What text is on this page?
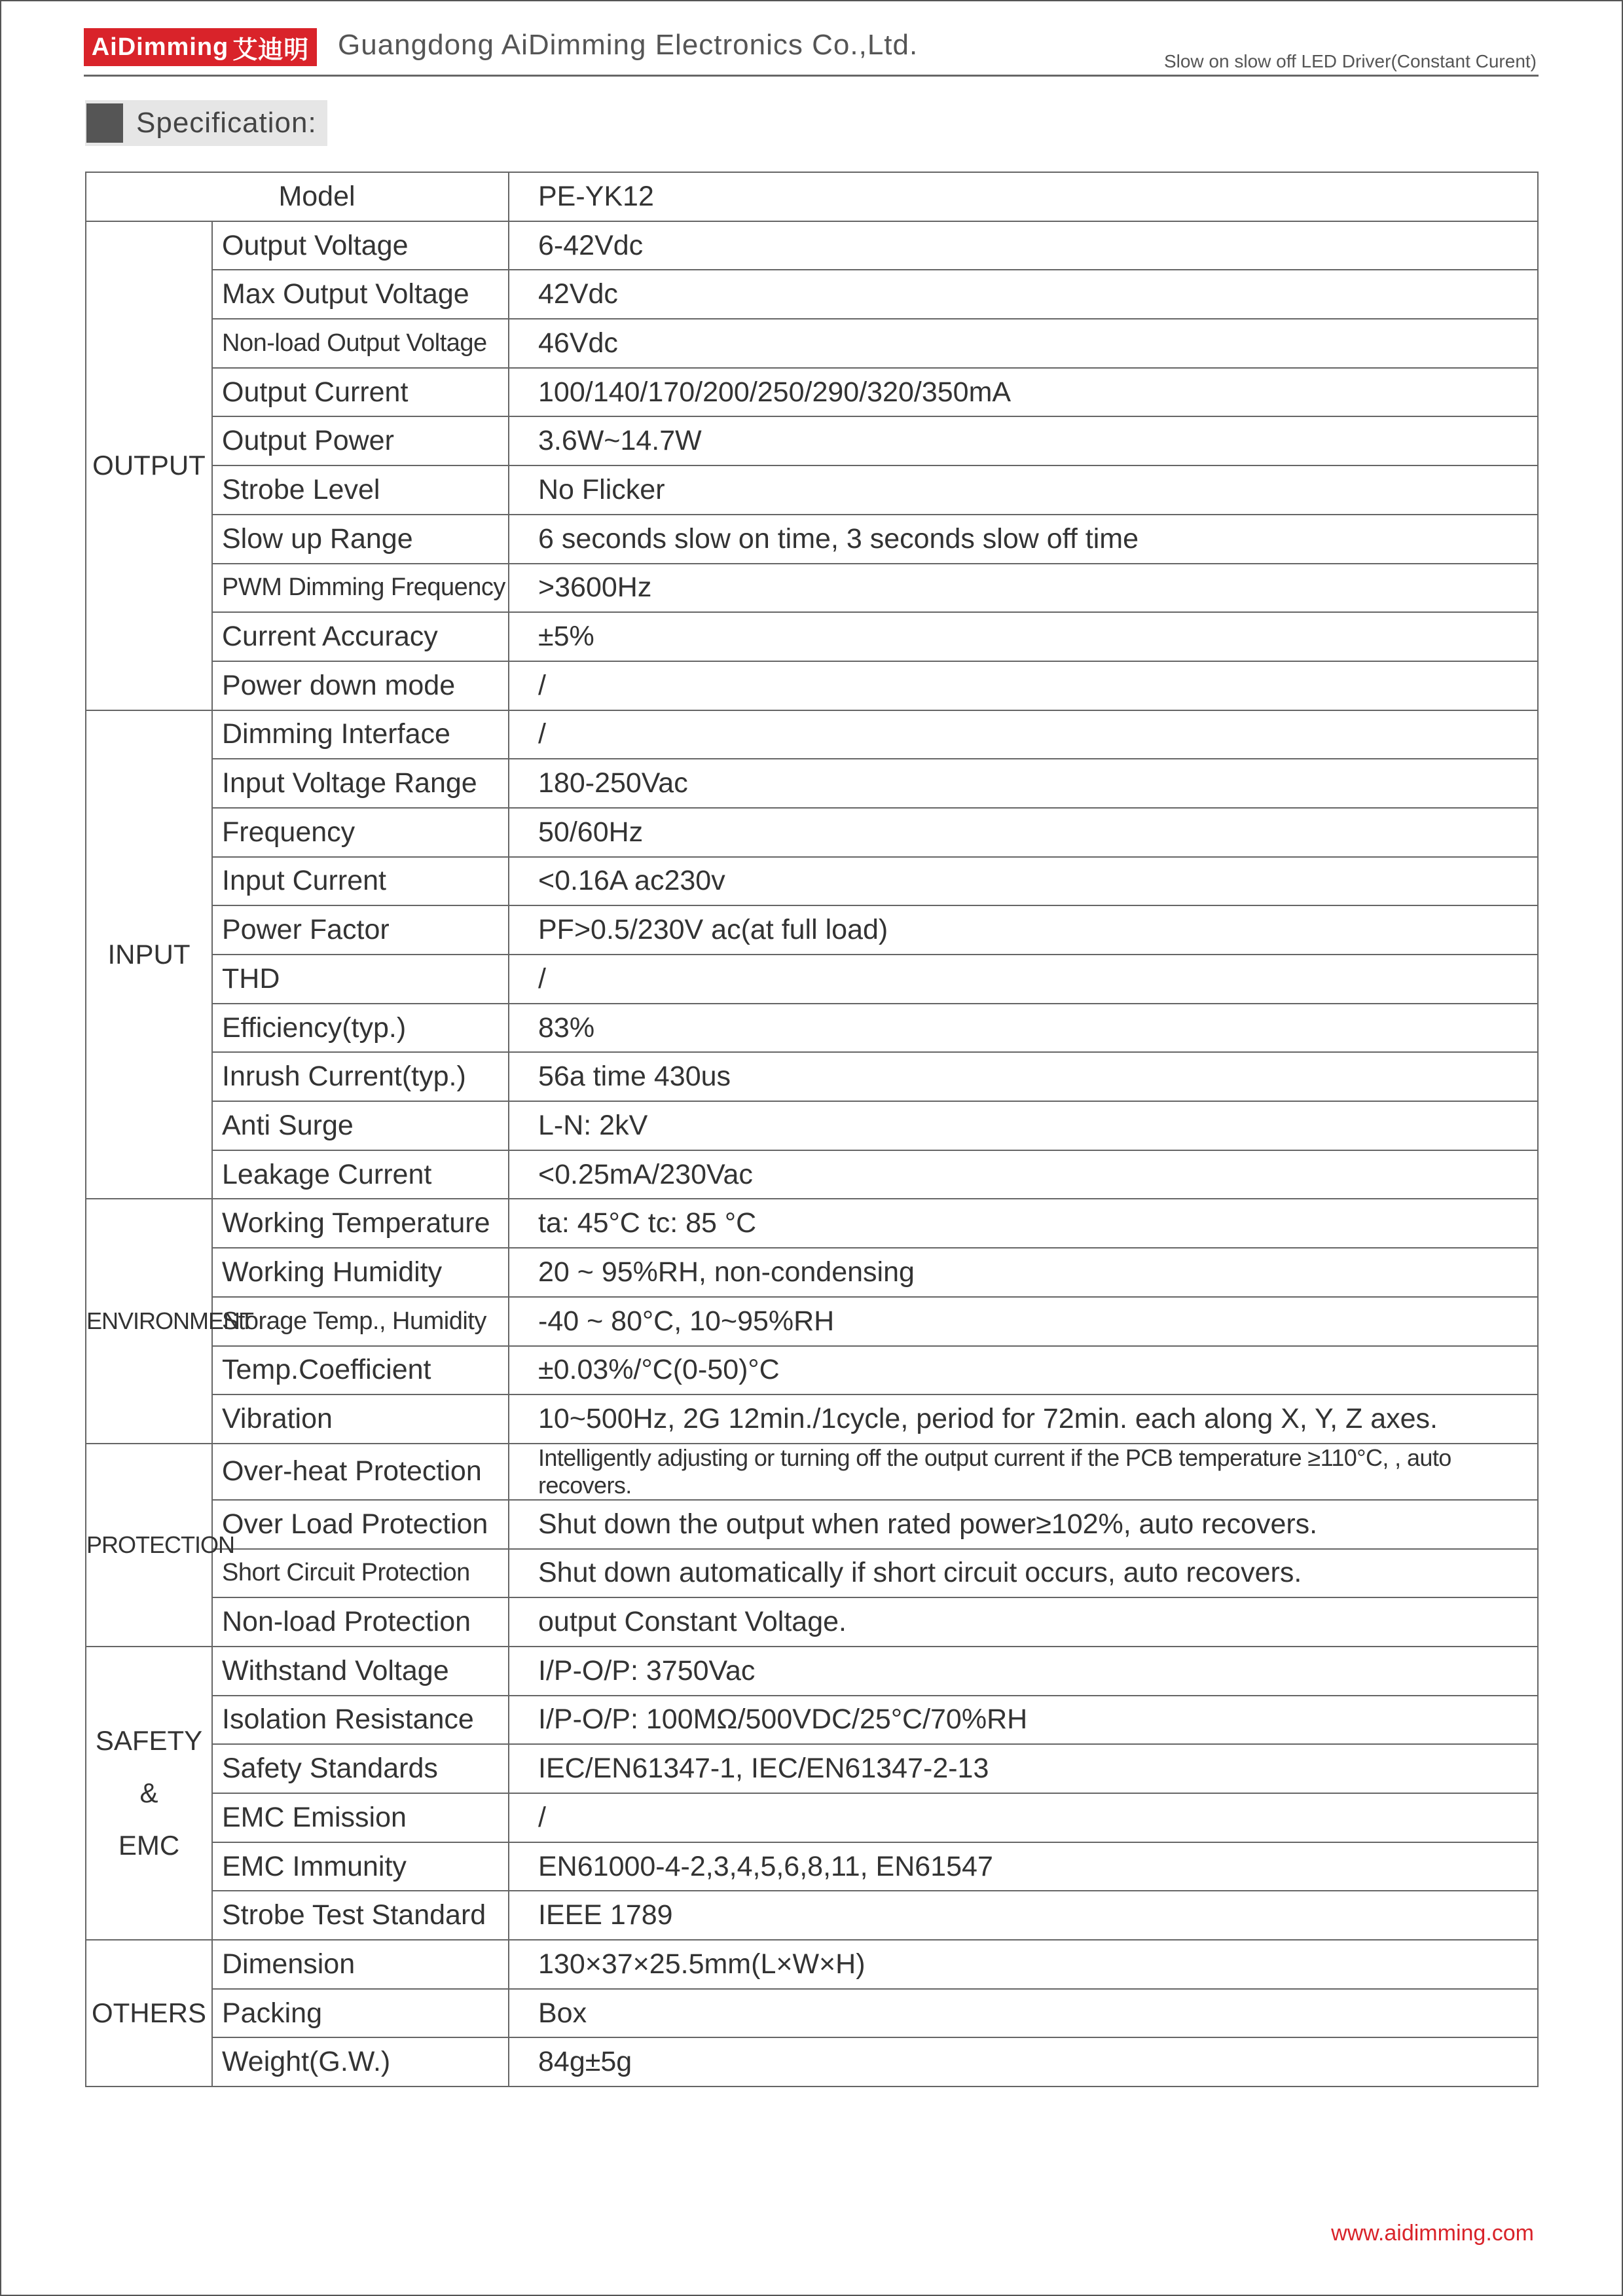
AiDimming 艾迪明 Guangdong AiDimming Electronics Co.,Ltd.
Slow on slow off LED Driver(Constant Curent)
Specification:
Model		PE-YK12
OUTPUT	Output Voltage	6-42Vdc
	Max Output Voltage	42Vdc
	Non-load Output Voltage	46Vdc
	Output Current	100/140/170/200/250/290/320/350mA
	Output Power	3.6W~14.7W
	Strobe Level	No Flicker
	Slow up Range	6 seconds slow on time, 3 seconds slow off time
	PWM Dimming Frequency	>3600Hz
	Current Accuracy	±5%
	Power down mode	/
INPUT	Dimming Interface	/
	Input Voltage Range	180-250Vac
	Frequency	50/60Hz
	Input Current	<0.16A ac230v
	Power Factor	PF>0.5/230V ac(at full load)
	THD	/
	Efficiency(typ.)	83%
	Inrush Current(typ.)	56a time 430us
	Anti Surge	L-N: 2kV
	Leakage Current	<0.25mA/230Vac
ENVIRONMENT	Working Temperature	ta: 45°C tc: 85 °C
	Working Humidity	20 ~ 95%RH, non-condensing
	Storage Temp., Humidity	-40 ~ 80°C, 10~95%RH
	Temp.Coefficient	±0.03%/°C(0-50)°C
	Vibration	10~500Hz, 2G 12min./1cycle, period for 72min. each along X, Y, Z axes.
PROTECTION	Over-heat Protection	Intelligently adjusting or turning off the output current if the PCB temperature ≥110°C, , auto recovers.
	Over Load Protection	Shut down the output when rated power≥102%, auto recovers.
	Short Circuit Protection	Shut down automatically if short circuit occurs, auto recovers.
	Non-load Protection	output Constant Voltage.

SAFETY
&
EMC	Withstand Voltage	I/P-O/P: 3750Vac
	Isolation Resistance	I/P-O/P: 100MΩ/500VDC/25°C/70%RH
	Safety Standards	IEC/EN61347-1, IEC/EN61347-2-13
	EMC Emission	/
	EMC Immunity	EN61000-4-2,3,4,5,6,8,11, EN61547
	Strobe Test Standard	IEEE 1789
OTHERS	Dimension	130×37×25.5mm(L×W×H)
	Packing	Box
	Weight(G.W.)	84g±5g
www.aidimming.com
